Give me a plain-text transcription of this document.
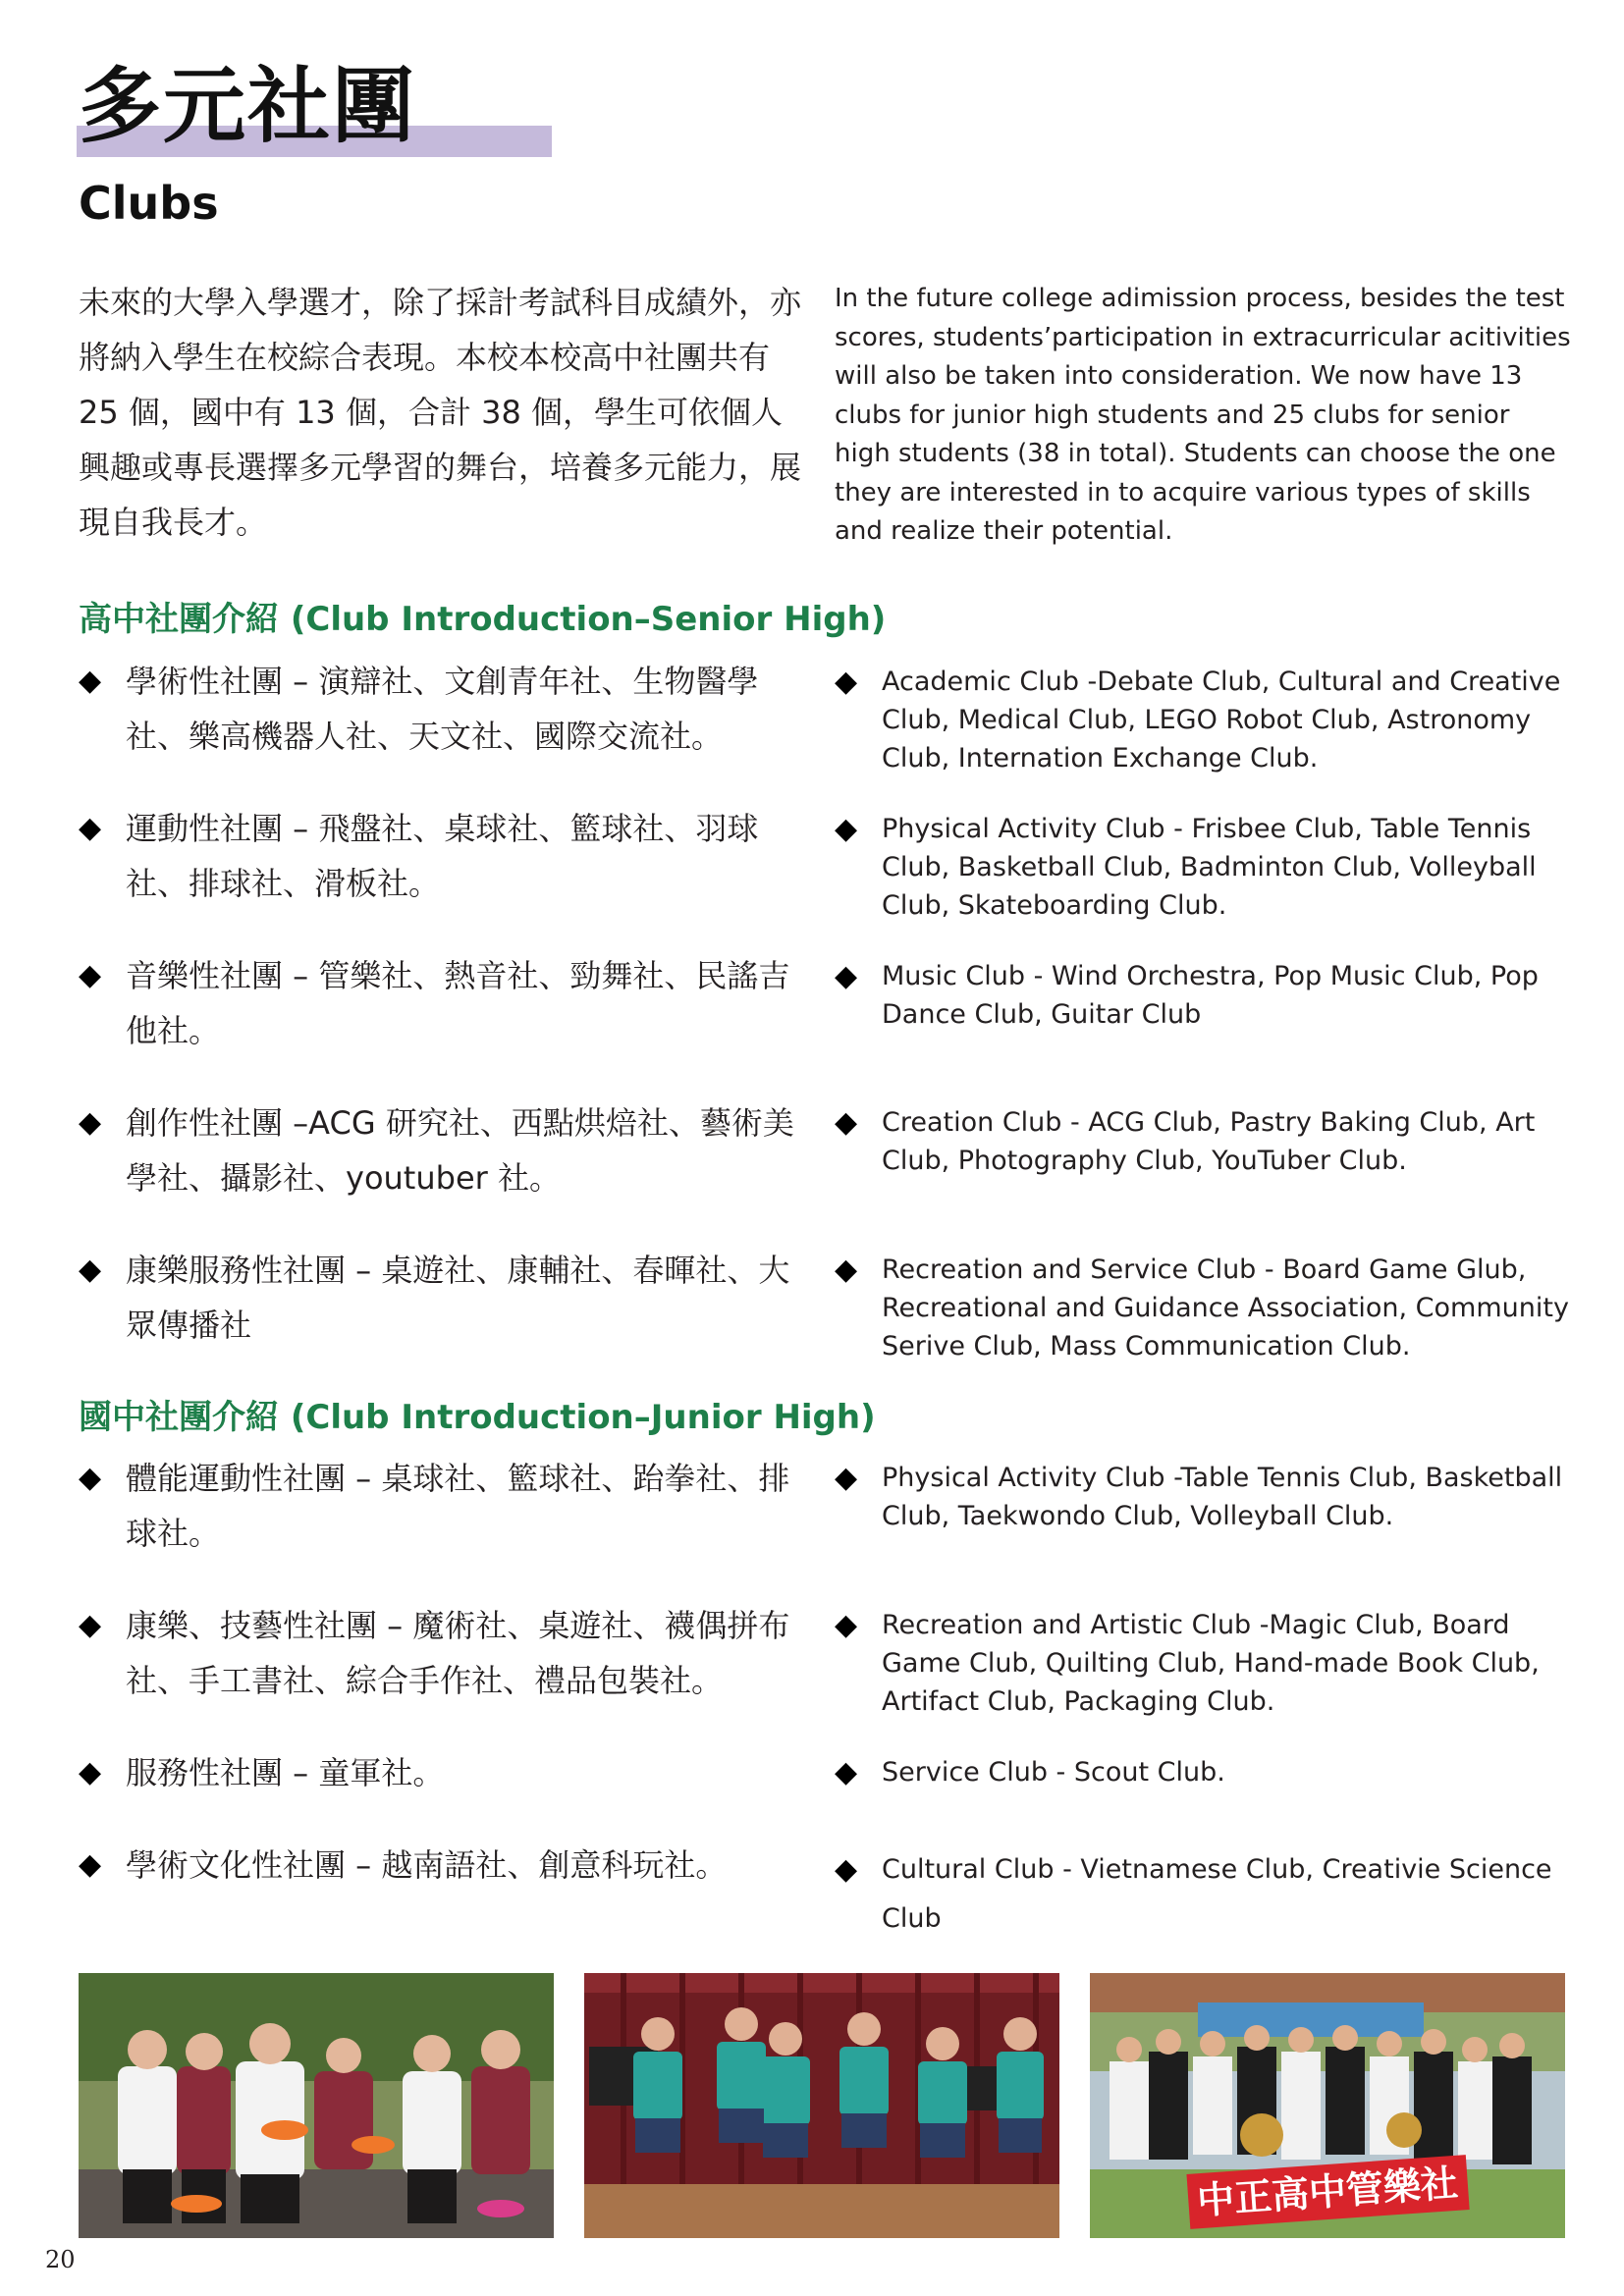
多元社團
Clubs

未來的大學入學選才，除了採計考試科目成績外，亦將納入學生在校綜合表現。本校本校高中社團共有 25 個，國中有 13 個，合計 38 個，學生可依個人興趣或專長選擇多元學習的舞台，培養多元能力，展現自我長才。

In the future college adimission process, besides the test scores, students’participation in extracurricular acitivities will also be taken into consideration. We now have 13 clubs for junior high students and 25 clubs for senior high students (38 in total). Students can choose the one they are interested in to acquire various types of skills and realize their potential.

高中社團介紹 (Club Introduction–Senior High)
◆ 學術性社團 – 演辯社、文創青年社、生物醫學社、樂高機器人社、天文社、國際交流社。
◆ Academic Club -Debate Club, Cultural and Creative Club, Medical Club, LEGO Robot Club, Astronomy Club, Internation Exchange Club.
◆ 運動性社團 – 飛盤社、桌球社、籃球社、羽球社、排球社、滑板社。
◆ Physical Activity Club - Frisbee Club, Table Tennis Club, Basketball Club, Badminton Club, Volleyball Club, Skateboarding Club.
◆ 音樂性社團 – 管樂社、熱音社、勁舞社、民謠吉他社。
◆ Music Club - Wind Orchestra, Pop Music Club, Pop Dance Club, Guitar Club
◆ 創作性社團 –ACG 研究社、西點烘焙社、藝術美學社、攝影社、youtuber 社。
◆ Creation Club - ACG Club, Pastry Baking Club, Art Club, Photography Club, YouTuber Club.
◆ 康樂服務性社團 – 桌遊社、康輔社、春暉社、大眾傳播社
◆ Recreation and Service Club - Board Game Glub, Recreational and Guidance Association, Community Serive Club, Mass Communication Club.
國中社團介紹 (Club Introduction–Junior High)
◆ 體能運動性社團 – 桌球社、籃球社、跆拳社、排球社。
◆ Physical Activity Club -Table Tennis Club, Basketball Club, Taekwondo Club, Volleyball Club.
◆ 康樂、技藝性社團 – 魔術社、桌遊社、襪偶拼布社、手工書社、綜合手作社、禮品包裝社。
◆ Recreation and Artistic Club -Magic Club, Board Game Club, Quilting Club, Hand-made Book Club, Artifact Club, Packaging Club.
◆ 服務性社團 – 童軍社。	◆ Service Club - Scout Club.
◆ 學術文化性社團 – 越南語社、創意科玩社。	◆ Cultural Club - Vietnamese Club, Creativie Science Club
中正高中管樂社
20
